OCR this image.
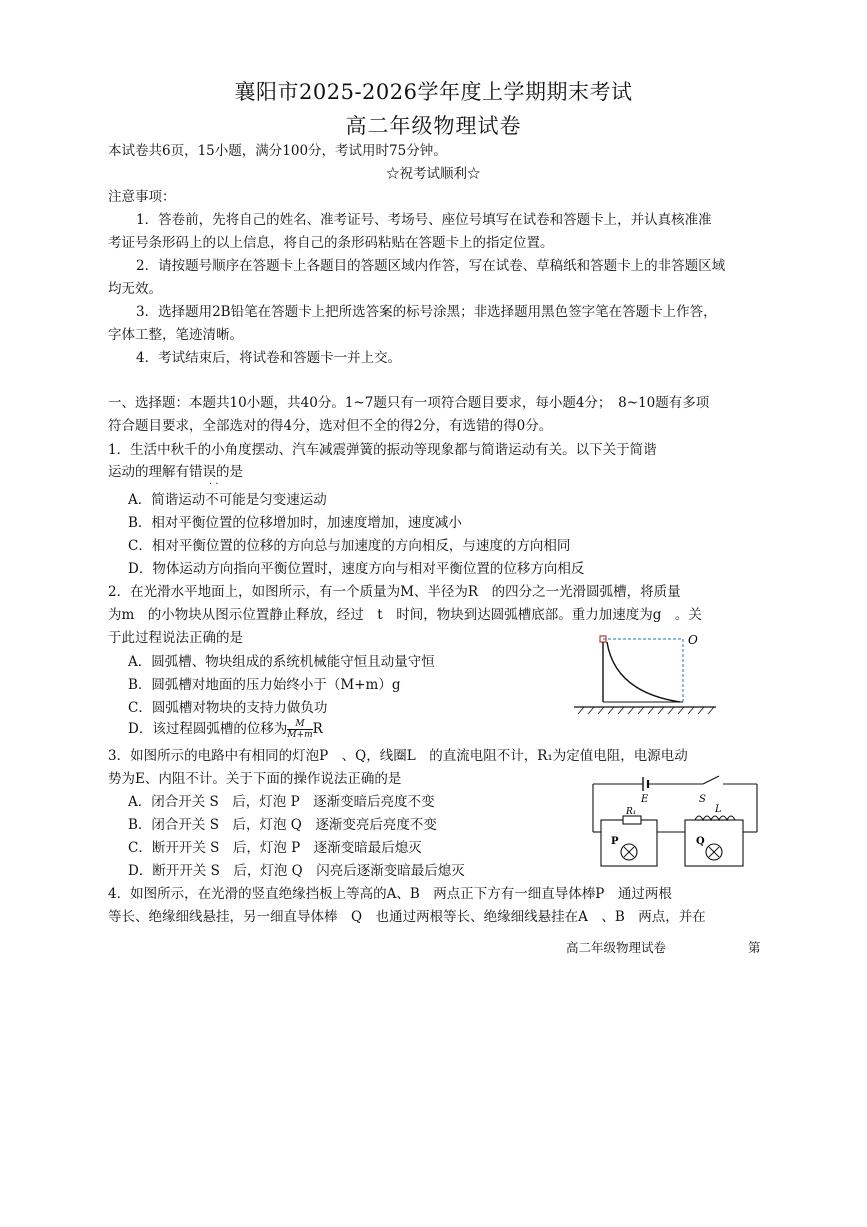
襄阳市2025-2026学年度上学期期末考试
高二年级物理试卷
本试卷共6页，15小题，满分100分，考试用时75分钟。
☆祝考试顺利☆
注意事项：
1．答卷前，先将自己的姓名、准考证号、考场号、座位号填写在试卷和答题卡上，并认真核准准
考证号条形码上的以上信息，将自己的条形码粘贴在答题卡上的指定位置。
2．请按题号顺序在答题卡上各题目的答题区域内作答，写在试卷、草稿纸和答题卡上的非答题区域
均无效。
3．选择题用2B铅笔在答题卡上把所选答案的标号涂黑；非选择题用黑色签字笔在答题卡上作答，
字体工整，笔迹清晰。
4．考试结束后，将试卷和答题卡一并上交。
一、选择题：本题共10小题，共40分。1~7题只有一项符合题目要求，每小题4分；　8~10题有多项
符合题目要求，全部选对的得4分，选对但不全的得2分，有选错的得0分。
1．生活中秋千的小角度摆动、汽车减震弹簧的振动等现象都与简谐运动有关。以下关于简谐
运动的理解有错误的是
· ·
A．简谐运动不可能是匀变速运动
B．相对平衡位置的位移增加时，加速度增加，速度减小
C．相对平衡位置的位移的方向总与加速度的方向相反，与速度的方向相同
D．物体运动方向指向平衡位置时，速度方向与相对平衡位置的位移方向相反
2．在光滑水平地面上，如图所示，有一个质量为M、半径为R　的四分之一光滑圆弧槽，将质量
为m　的小物块从图示位置静止释放，经过　t　时间，物块到达圆弧槽底部。重力加速度为g　。关
于此过程说法正确的是
A．圆弧槽、物块组成的系统机械能守恒且动量守恒
B．圆弧槽对地面的压力始终小于（M+m）g
C．圆弧槽对物块的支持力做负功
D．该过程圆弧槽的位移为 $\frac{M}{M+m}$ R
O
3．如图所示的电路中有相同的灯泡P　、Q，线圈L　的直流电阻不计，R₁为定值电阻，电源电动
势为E、内阻不计。关于下面的操作说法正确的是
A．闭合开关 S　后，灯泡 P　逐渐变暗后亮度不变
B．闭合开关 S　后，灯泡 Q　逐渐变亮后亮度不变
C．断开开关 S　后，灯泡 P　逐渐变暗最后熄灭
D．断开开关 S　后，灯泡 Q　闪亮后逐渐变暗最后熄灭
E	S
L
R₁
P	Q
4．如图所示，在光滑的竖直绝缘挡板上等高的A、B　两点正下方有一细直导体棒P　通过两根
等长、绝缘细线悬挂，另一细直导体棒　Q　也通过两根等长、绝缘细线悬挂在A　、B　两点，并在
高二年级物理试卷	第
